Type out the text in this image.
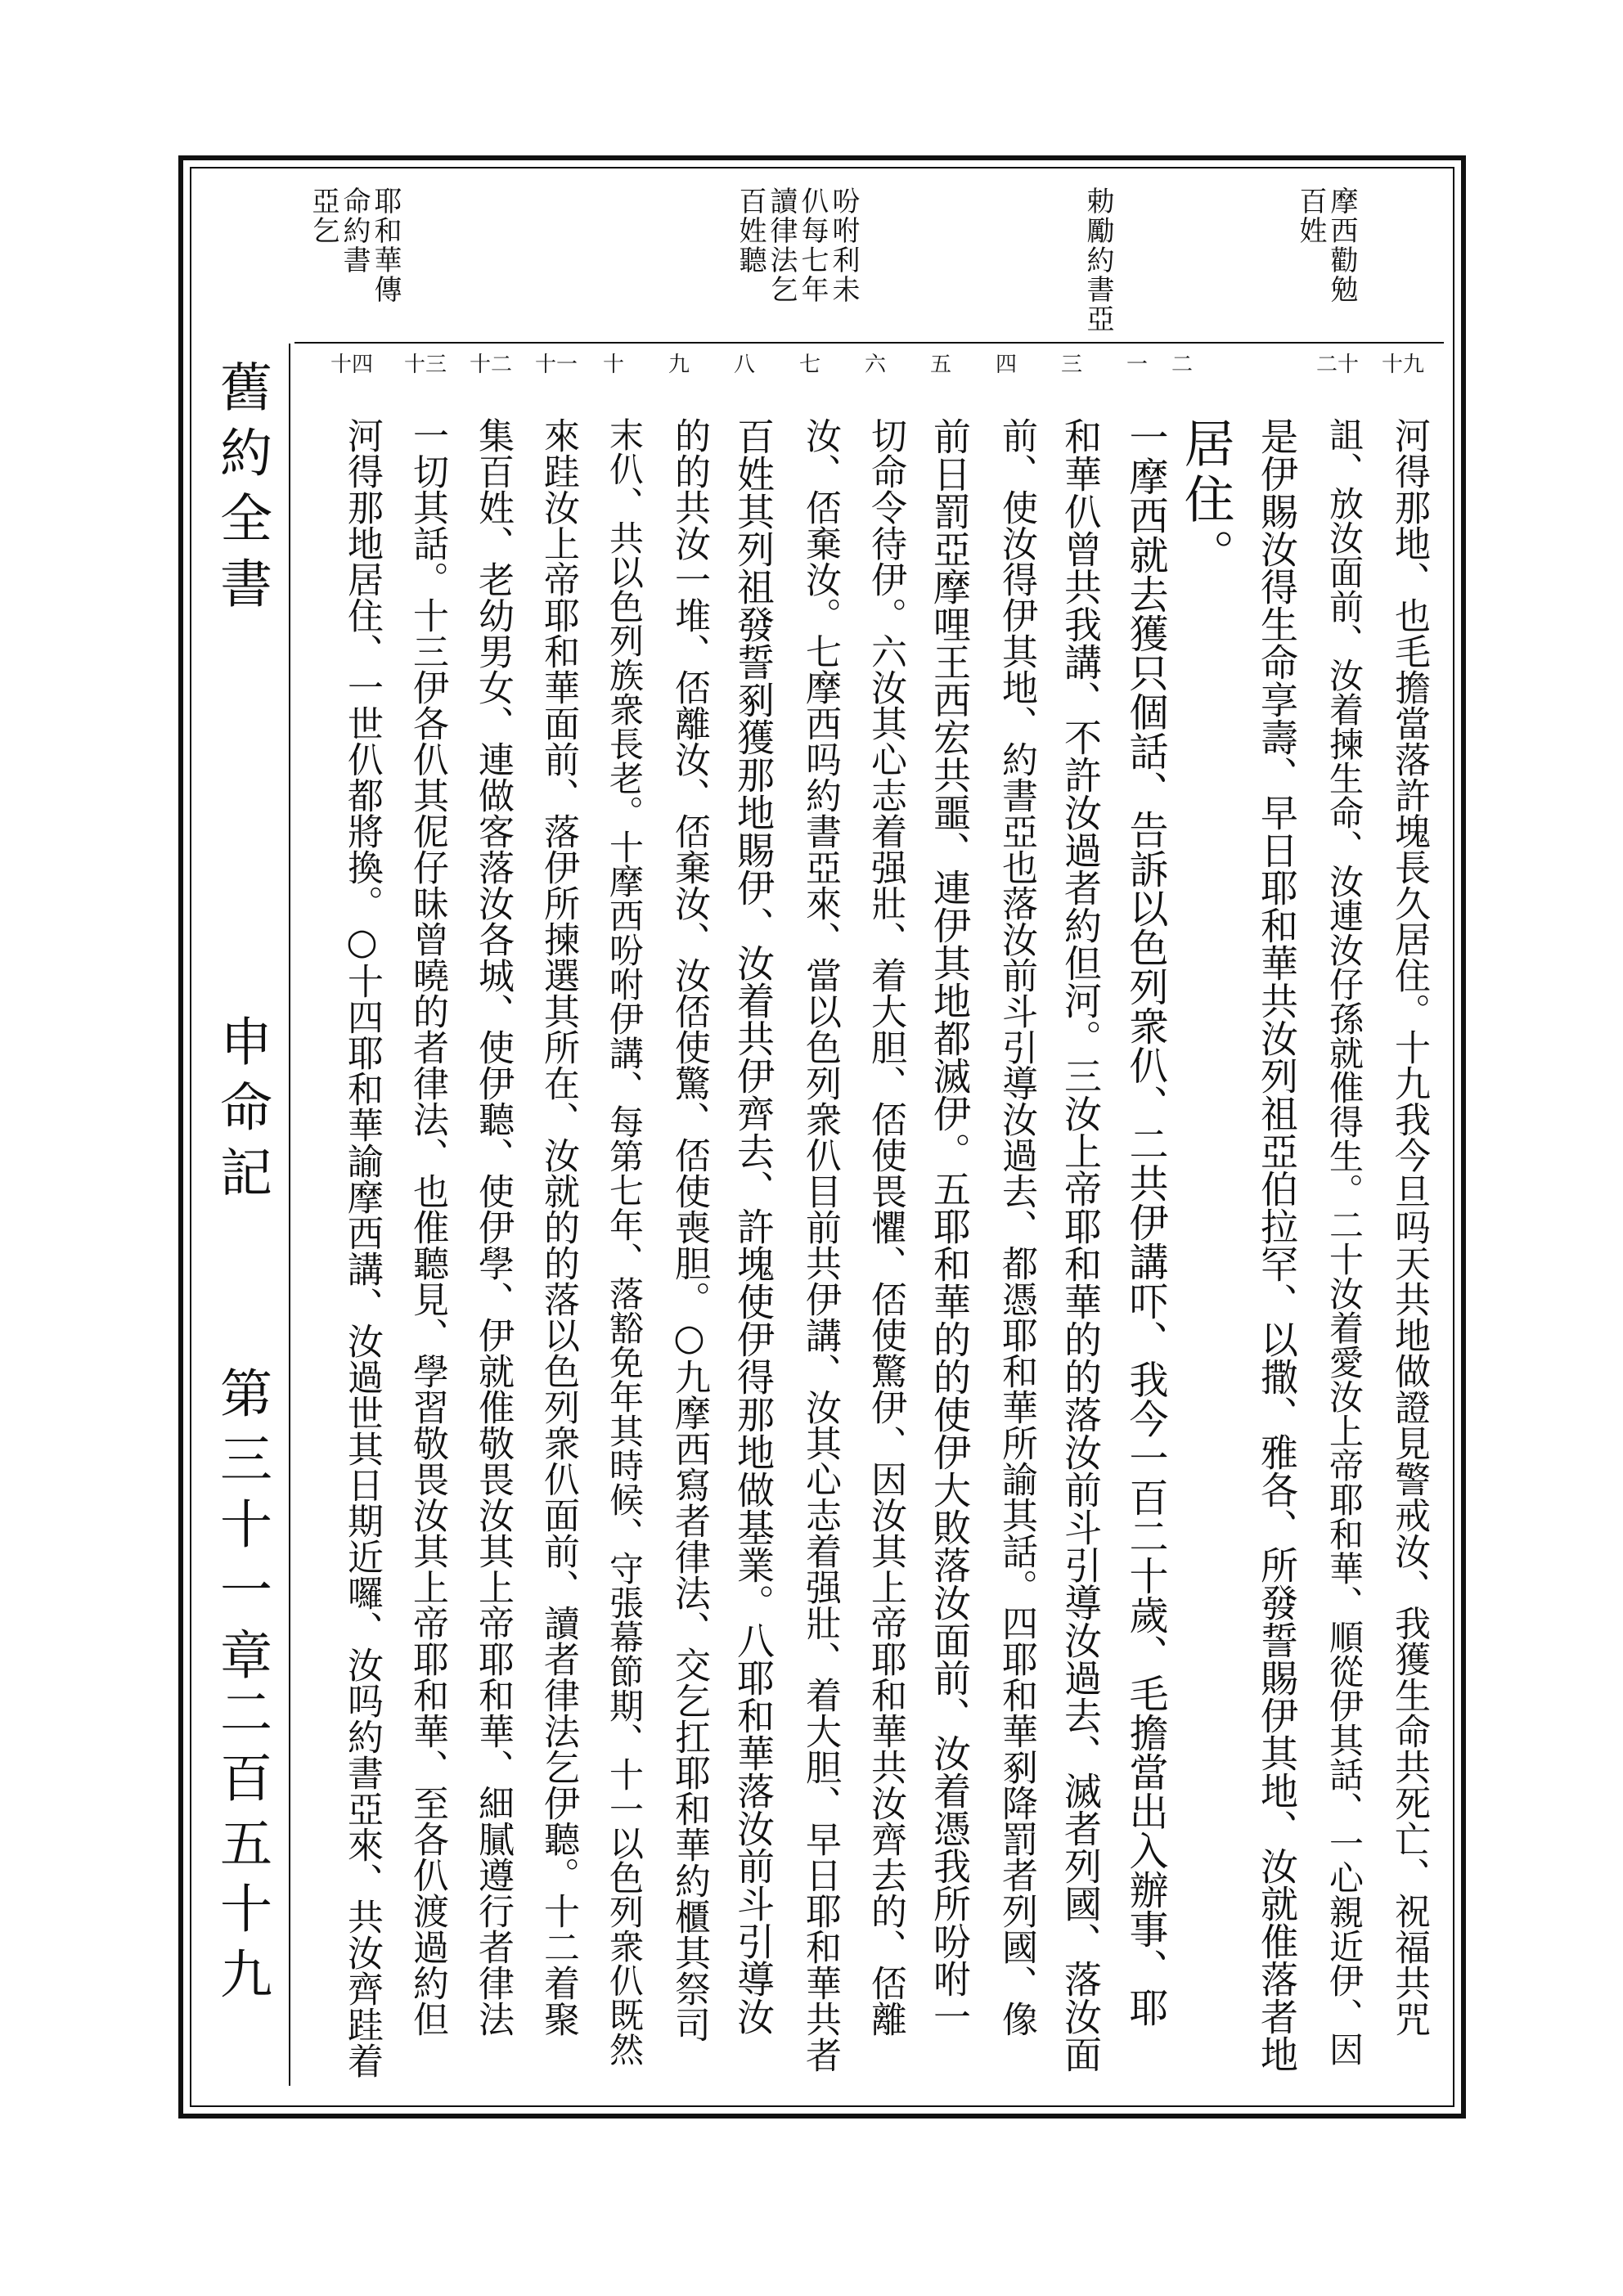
舊約全書
申命記
第三十一章
二百五十九
摩西勸勉
百姓
勅勵約書亞
吩咐利未
仈每七年
讀律法乞
百姓聽
耶和華傳
命約書
亞乞
十九
二十
一	二
三
四
五
六
七
八
九
十
十一
十二
十三
十四
河得那地、也毛擔當落許塊長久居住。十九我今旦吗天共地做證見警戒汝、我獲生命共死亡、祝福共咒
詛、放汝面前、汝着揀生命、汝連汝仔孫就倠得生。二十汝着愛汝上帝耶和華、順從伊其話、一心親近伊、因
是伊賜汝得生命享壽、早日耶和華共汝列祖亞伯拉罕、以撒、雅各、所發誓賜伊其地、汝就倠落者地
居住。
一摩西就去獲只個話、告訴以色列衆仈、二共伊講吓、我今一百二十歲、毛擔當出入辦事、耶
和華仈曾共我講、不許汝過者約但河。三汝上帝耶和華的的落汝前斗引導汝過去、滅者列國、落汝面
前、使汝得伊其地、約書亞也落汝前斗引導汝過去、都憑耶和華所諭其話。四耶和華剢降罰者列國、像
前日罰亞摩哩王西宏共噩、連伊其地都滅伊。五耶和華的的使伊大敗落汝面前、汝着憑我所吩咐一
切命令待伊。六汝其心志着强壯、着大胆、俖使畏懼、俖使驚伊、因汝其上帝耶和華共汝齊去的、俖離
汝、俖棄汝。七摩西吗約書亞來、當以色列衆仈目前共伊講、汝其心志着强壯、着大胆、早日耶和華共者
百姓其列祖發誓剢獲那地賜伊、汝着共伊齊去、許塊使伊得那地做基業。八耶和華落汝前斗引導汝
的的共汝一堆、俖離汝、俖棄汝、汝俖使驚、俖使喪胆。○九摩西寫者律法、交乞扛耶和華約櫃其祭司
末仈、共以色列族衆長老。十摩西吩咐伊講、每第七年、落豁免年其時候、守張幕節期、十一以色列衆仈既然
來跬汝上帝耶和華面前、落伊所揀選其所在、汝就的的落以色列衆仈面前、讀者律法乞伊聽。十二着聚
集百姓、老幼男女、連做客落汝各城、使伊聽、使伊學、伊就倠敬畏汝其上帝耶和華、細膩遵行者律法
一切其話。十三伊各仈其伲仔昧曾曉的者律法、也倠聽見、學習敬畏汝其上帝耶和華、至各仈渡過約但
河得那地居住、一世仈都將換。○十四耶和華諭摩西講、汝過世其日期近囉、汝吗約書亞來、共汝齊跬着
